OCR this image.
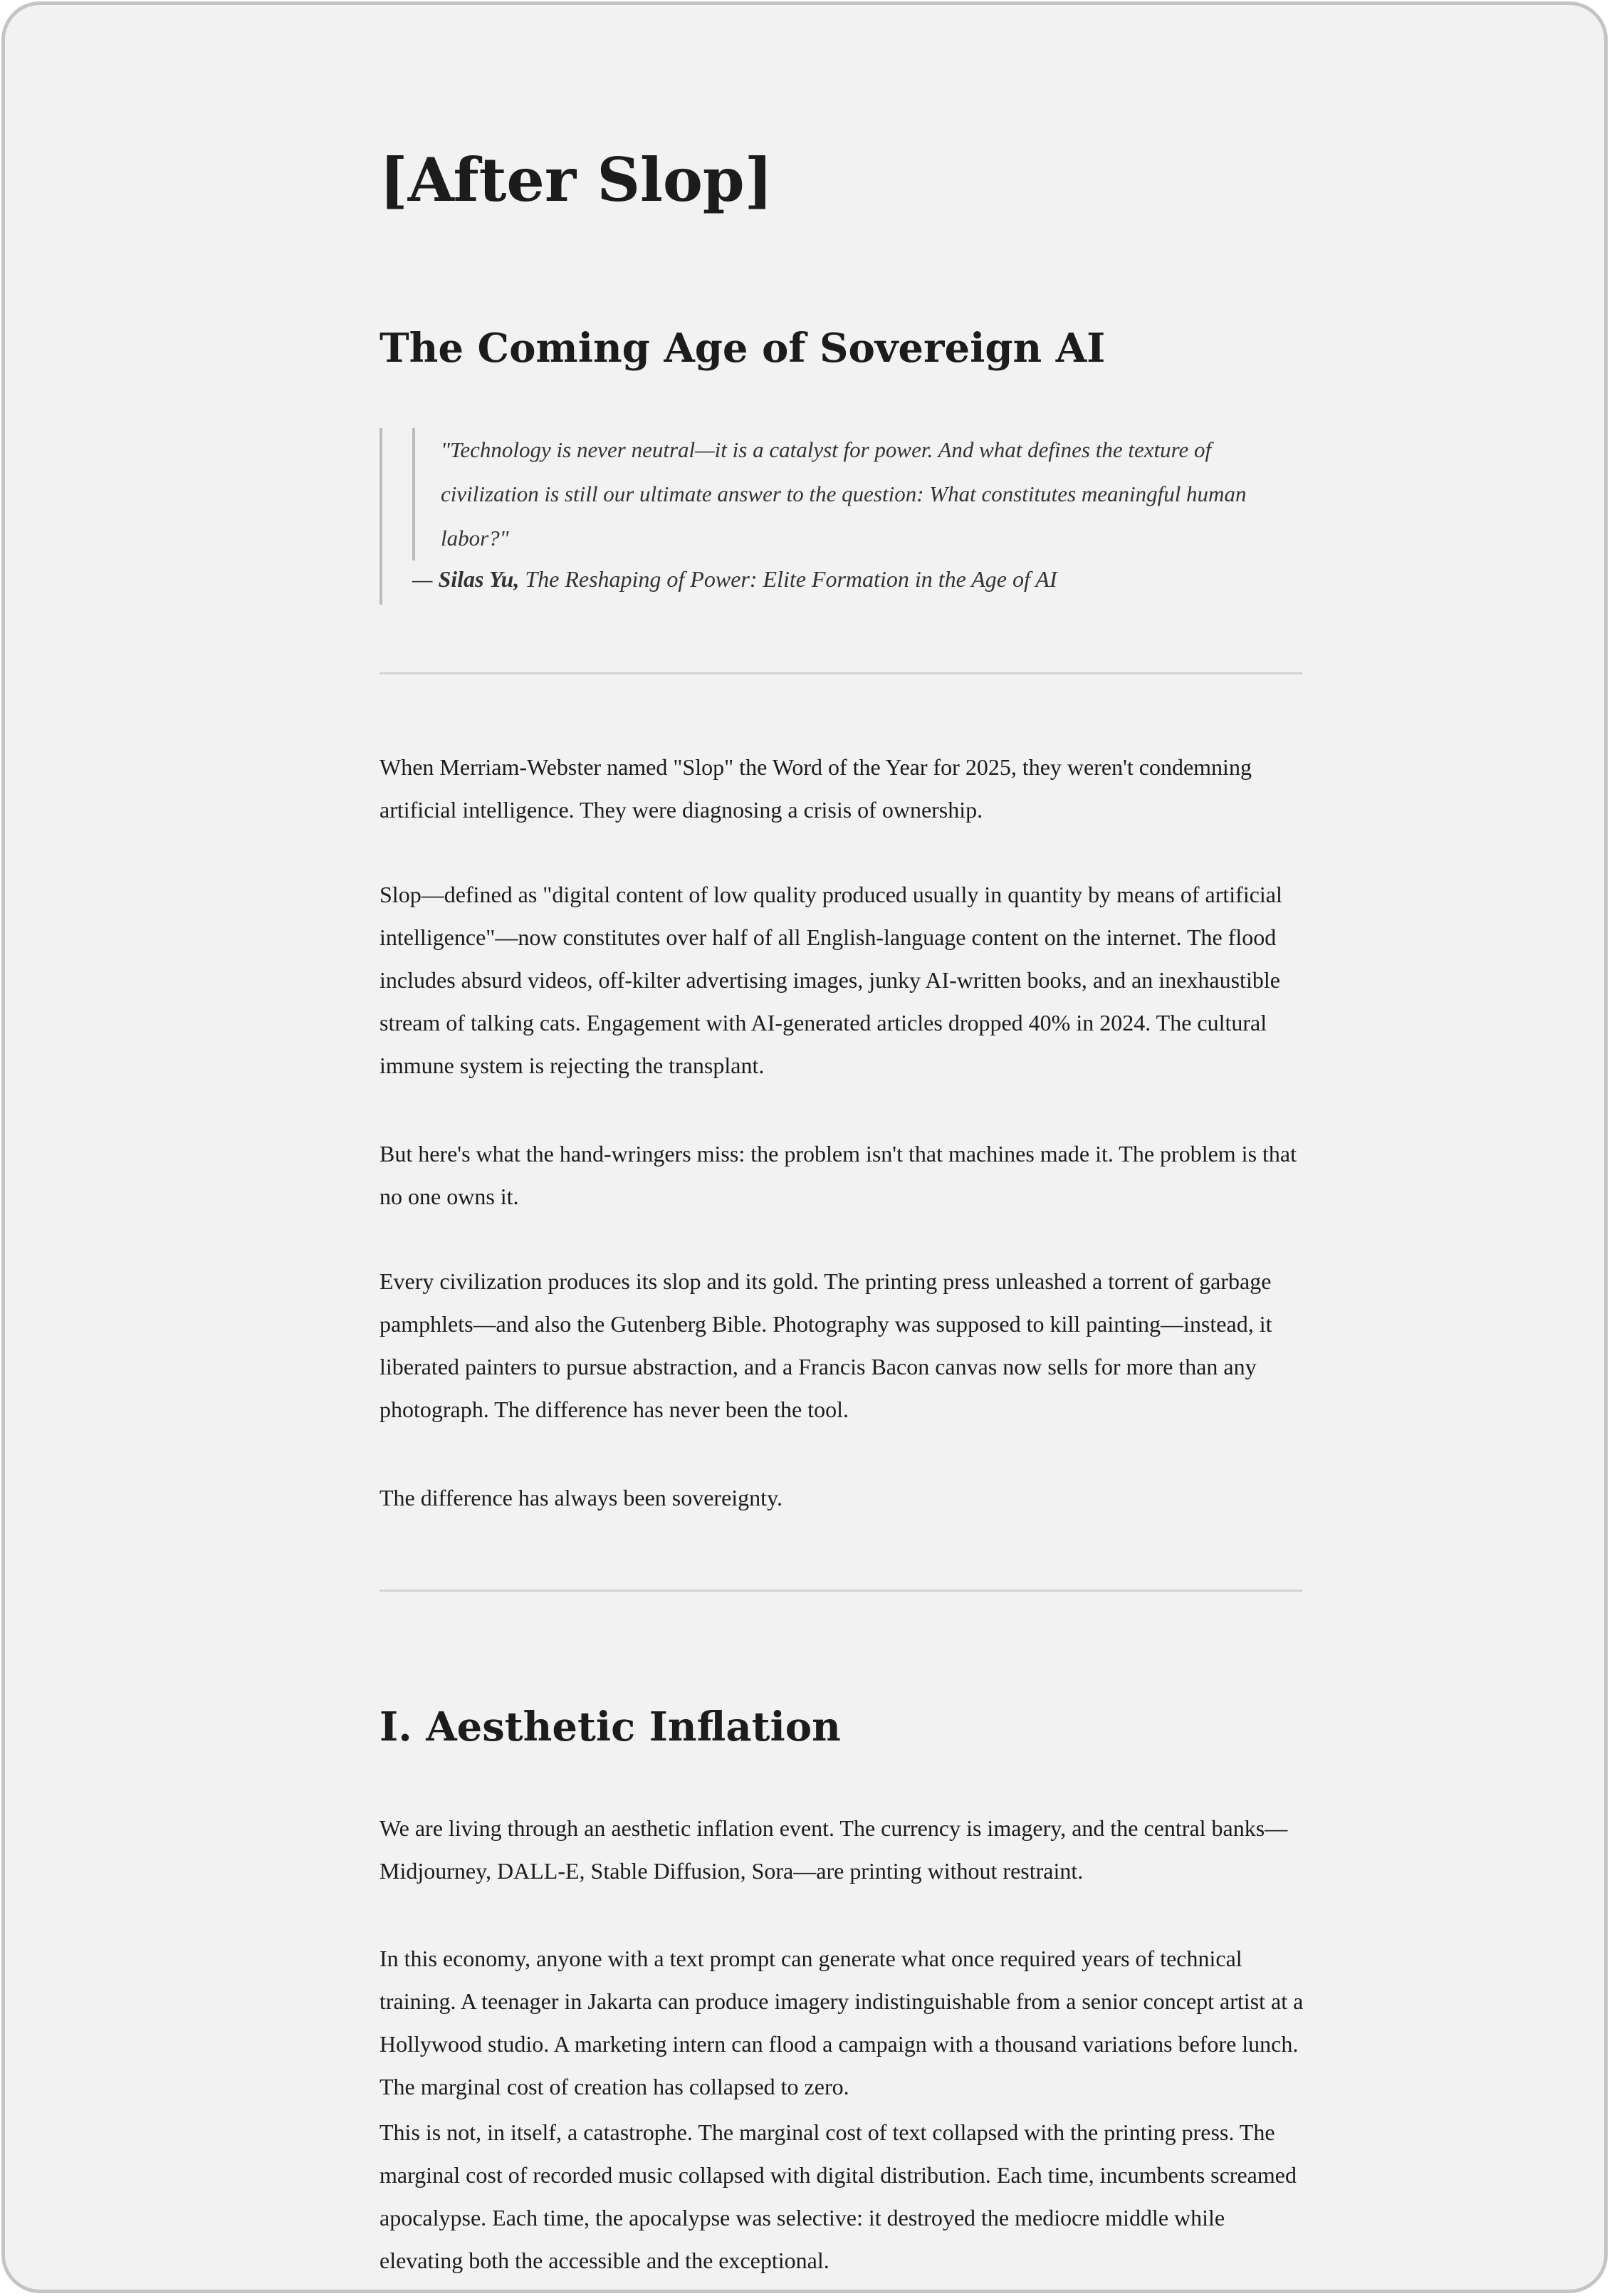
[After Slop]
The Coming Age of Sovereign AI
"Technology is never neutral—it is a catalyst for power. And what defines the texture of civilization is still our ultimate answer to the question: What constitutes meaningful human labor?"

— Silas Yu, The Reshaping of Power: Elite Formation in the Age of AI

When Merriam-Webster named "Slop" the Word of the Year for 2025, they weren't condemning artificial intelligence. They were diagnosing a crisis of ownership.

Slop—defined as "digital content of low quality produced usually in quantity by means of artificial intelligence"—now constitutes over half of all English-language content on the internet. The flood includes absurd videos, off-kilter advertising images, junky AI-written books, and an inexhaustible stream of talking cats. Engagement with AI-generated articles dropped 40% in 2024. The cultural immune system is rejecting the transplant.

But here's what the hand-wringers miss: the problem isn't that machines made it. The problem is that no one owns it.

Every civilization produces its slop and its gold. The printing press unleashed a torrent of garbage pamphlets—and also the Gutenberg Bible. Photography was supposed to kill painting—instead, it liberated painters to pursue abstraction, and a Francis Bacon canvas now sells for more than any photograph. The difference has never been the tool.

The difference has always been sovereignty.

I. Aesthetic Inflation

We are living through an aesthetic inflation event. The currency is imagery, and the central banks—Midjourney, DALL-E, Stable Diffusion, Sora—are printing without restraint.

In this economy, anyone with a text prompt can generate what once required years of technical training. A teenager in Jakarta can produce imagery indistinguishable from a senior concept artist at a Hollywood studio. A marketing intern can flood a campaign with a thousand variations before lunch. The marginal cost of creation has collapsed to zero.

This is not, in itself, a catastrophe. The marginal cost of text collapsed with the printing press. The marginal cost of recorded music collapsed with digital distribution. Each time, incumbents screamed apocalypse. Each time, the apocalypse was selective: it destroyed the mediocre middle while elevating both the accessible and the exceptional.
